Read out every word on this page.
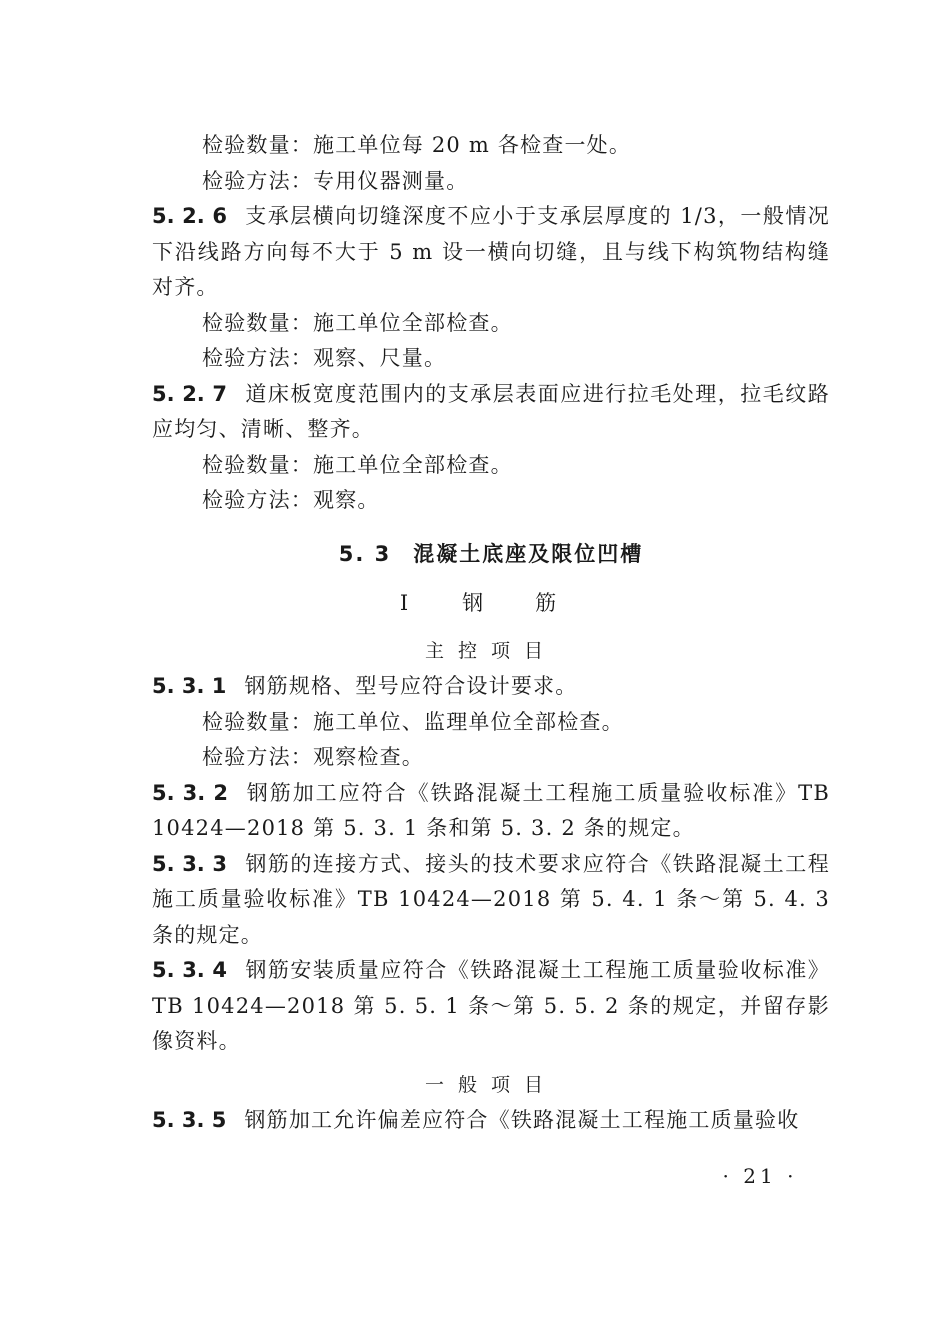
检验数量：施工单位每 20 m 各检查一处。

检验方法：专用仪器测量。

5. 2. 6 支承层横向切缝深度不应小于支承层厚度的 1/3，一般情况下沿线路方向每不大于 5 m 设一横向切缝，且与线下构筑物结构缝对齐。

检验数量：施工单位全部检查。

检验方法：观察、尺量。

5. 2. 7 道床板宽度范围内的支承层表面应进行拉毛处理，拉毛纹路应均匀、清晰、整齐。

检验数量：施工单位全部检查。

检验方法：观察。

5. 3 混凝土底座及限位凹槽
Ⅰ	钢 筋
主控项目

5. 3. 1 钢筋规格、型号应符合设计要求。

检验数量：施工单位、监理单位全部检查。

检验方法：观察检查。

5. 3. 2 钢筋加工应符合《铁路混凝土工程施工质量验收标准》TB 10424—2018 第 5. 3. 1 条和第 5. 3. 2 条的规定。

5. 3. 3 钢筋的连接方式、接头的技术要求应符合《铁路混凝土工程施工质量验收标准》TB 10424—2018 第 5. 4. 1 条～第 5. 4. 3 条的规定。

5. 3. 4 钢筋安装质量应符合《铁路混凝土工程施工质量验收标准》TB 10424—2018 第 5. 5. 1 条～第 5. 5. 2 条的规定，并留存影像资料。

一般项目

5. 3. 5 钢筋加工允许偏差应符合《铁路混凝土工程施工质量验收

· 21 ·
